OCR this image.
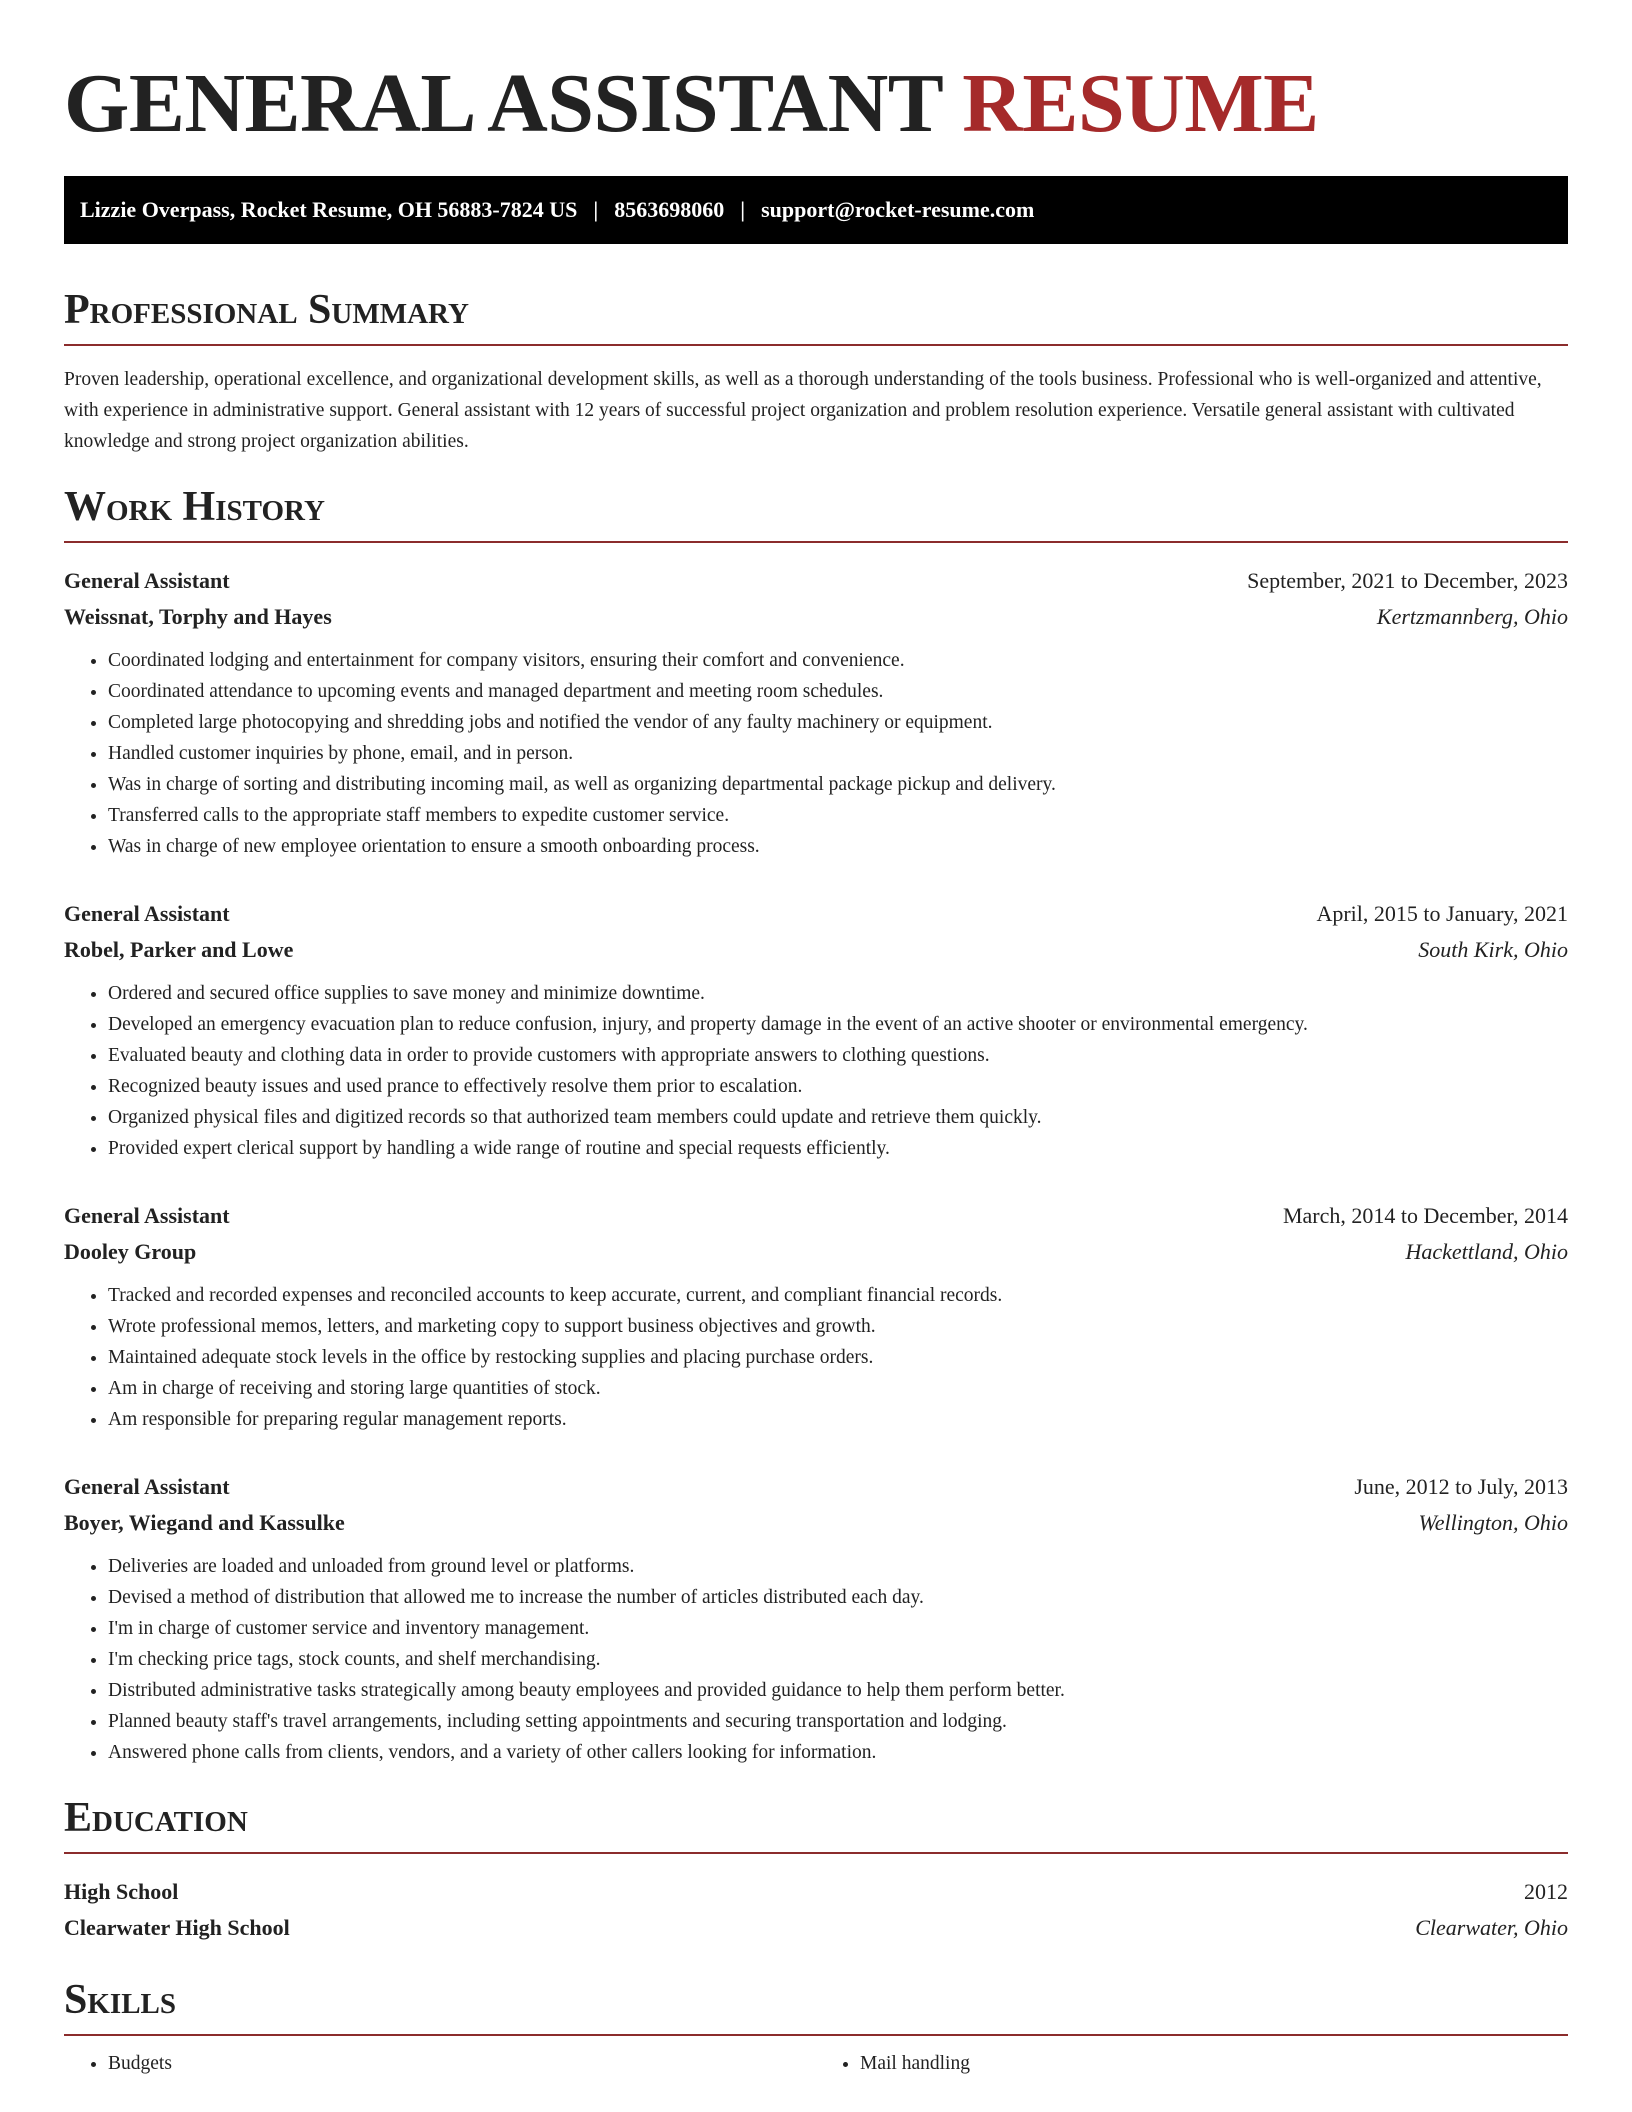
GENERAL ASSISTANT RESUME
Lizzie Overpass, Rocket Resume, OH 56883-7824 US | 8563698060 | support@rocket-resume.com
Professional Summary

Proven leadership, operational excellence, and organizational development skills, as well as a thorough understanding of the tools business. Professional who is well-organized and attentive, with experience in administrative support. General assistant with 12 years of successful project organization and problem resolution experience. Versatile general assistant with cultivated knowledge and strong project organization abilities.

Work History
General Assistant	September, 2021 to December, 2023
Weissnat, Torphy and Hayes	Kertzmannberg, Ohio
• Coordinated lodging and entertainment for company visitors, ensuring their comfort and convenience.
• Coordinated attendance to upcoming events and managed department and meeting room schedules.
• Completed large photocopying and shredding jobs and notified the vendor of any faulty machinery or equipment.
• Handled customer inquiries by phone, email, and in person.
• Was in charge of sorting and distributing incoming mail, as well as organizing departmental package pickup and delivery.
• Transferred calls to the appropriate staff members to expedite customer service.
• Was in charge of new employee orientation to ensure a smooth onboarding process.
General Assistant	April, 2015 to January, 2021
Robel, Parker and Lowe	South Kirk, Ohio
• Ordered and secured office supplies to save money and minimize downtime.
• Developed an emergency evacuation plan to reduce confusion, injury, and property damage in the event of an active shooter or environmental emergency.
• Evaluated beauty and clothing data in order to provide customers with appropriate answers to clothing questions.
• Recognized beauty issues and used prance to effectively resolve them prior to escalation.
• Organized physical files and digitized records so that authorized team members could update and retrieve them quickly.
• Provided expert clerical support by handling a wide range of routine and special requests efficiently.
General Assistant	March, 2014 to December, 2014
Dooley Group	Hackettland, Ohio
• Tracked and recorded expenses and reconciled accounts to keep accurate, current, and compliant financial records.
• Wrote professional memos, letters, and marketing copy to support business objectives and growth.
• Maintained adequate stock levels in the office by restocking supplies and placing purchase orders.
• Am in charge of receiving and storing large quantities of stock.
• Am responsible for preparing regular management reports.
General Assistant	June, 2012 to July, 2013
Boyer, Wiegand and Kassulke	Wellington, Ohio
• Deliveries are loaded and unloaded from ground level or platforms.
• Devised a method of distribution that allowed me to increase the number of articles distributed each day.
• I'm in charge of customer service and inventory management.
• I'm checking price tags, stock counts, and shelf merchandising.
• Distributed administrative tasks strategically among beauty employees and provided guidance to help them perform better.
• Planned beauty staff's travel arrangements, including setting appointments and securing transportation and lodging.
• Answered phone calls from clients, vendors, and a variety of other callers looking for information.
Education
High School	2012
Clearwater High School	Clearwater, Ohio
Skills
• Budgets
•	Mail handling
